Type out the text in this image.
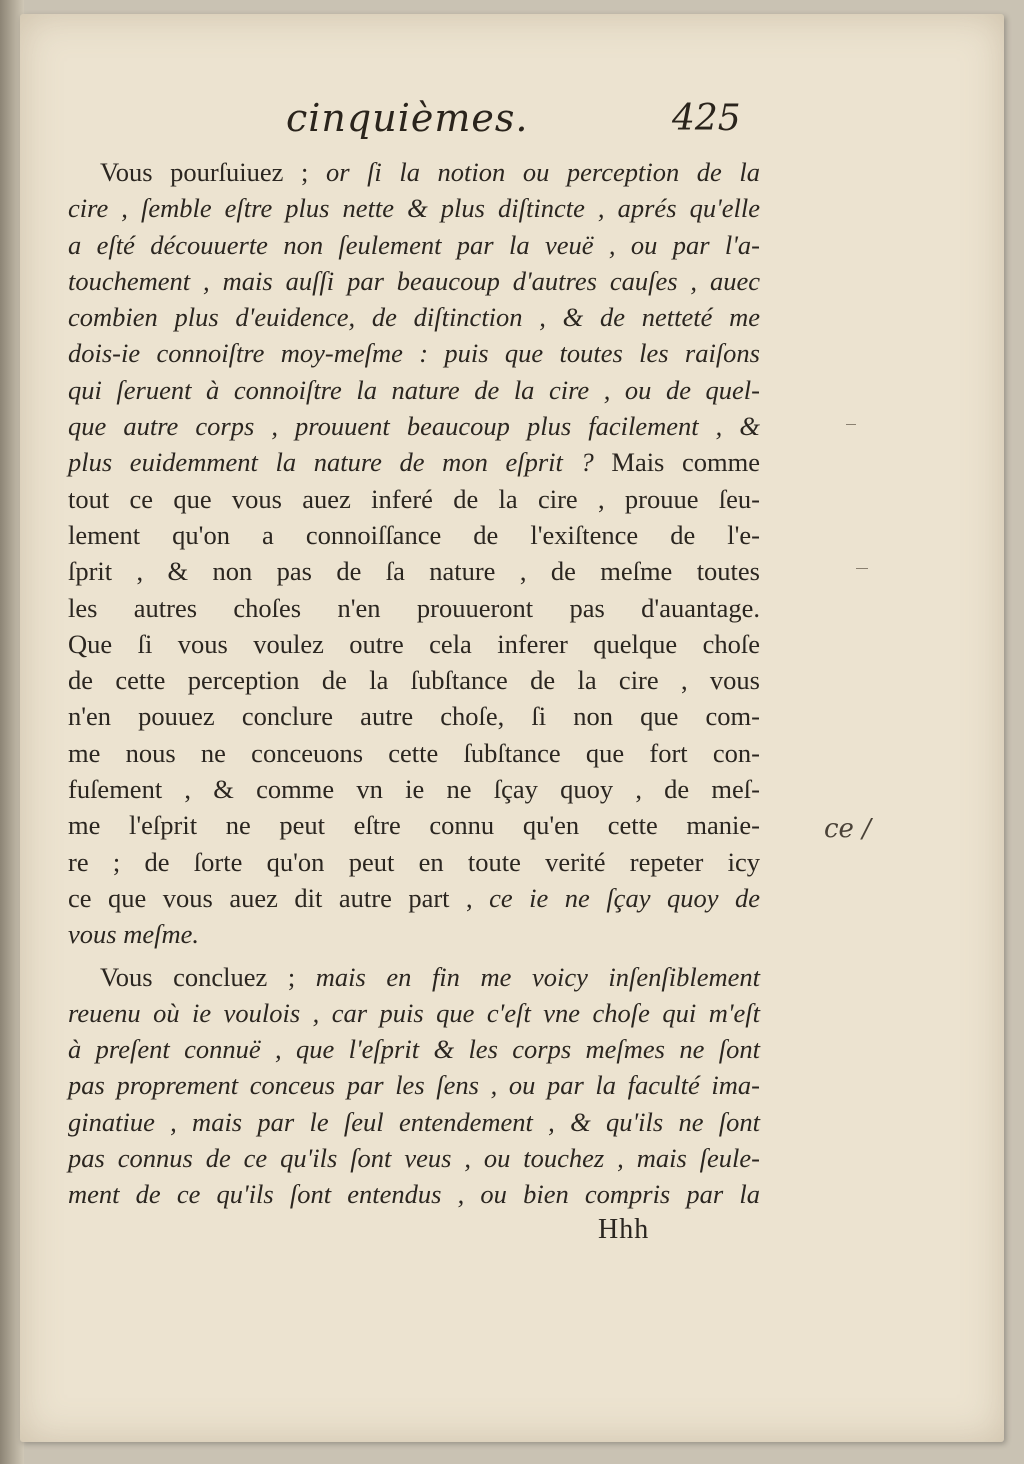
cinquièmes.	425
Vous pourſuiuez ; or ſi la notion ou perception de la
cire , ſemble eſtre plus nette & plus diſtincte , aprés qu'elle
a eſté découuerte non ſeulement par la veuë , ou par l'a-
touchement , mais auſſi par beaucoup d'autres cauſes , auec
combien plus d'euidence, de diſtinction , & de netteté me
dois-ie connoiſtre moy-meſme : puis que toutes les raiſons
qui ſeruent à connoiſtre la nature de la cire , ou de quel-
que autre corps , prouuent beaucoup plus facilement , &
plus euidemment la nature de mon eſprit ? Mais comme
tout ce que vous auez inferé de la cire , prouue ſeu-
lement qu'on a connoiſſance de l'exiſtence de l'e-
ſprit , & non pas de ſa nature , de meſme toutes
les autres choſes n'en prouueront pas d'auantage.
Que ſi vous voulez outre cela inferer quelque choſe
de cette perception de la ſubſtance de la cire , vous
n'en pouuez conclure autre choſe, ſi non que com-
me nous ne conceuons cette ſubſtance que fort con-
fuſement , & comme vn ie ne ſçay quoy , de meſ-
me l'eſprit ne peut eſtre connu qu'en cette manie-
re ; de ſorte qu'on peut en toute verité repeter icy
ce que vous auez dit autre part , ce ie ne ſçay quoy de
vous meſme.
Vous concluez ; mais en fin me voicy inſenſiblement
reuenu où ie voulois , car puis que c'eſt vne choſe qui m'eſt
à preſent connuë , que l'eſprit & les corps meſmes ne ſont
pas proprement conceus par les ſens , ou par la faculté ima-
ginatiue , mais par le ſeul entendement , & qu'ils ne ſont
pas connus de ce qu'ils ſont veus , ou touchez , mais ſeule-
ment de ce qu'ils ſont entendus , ou bien compris par la
Hhh
ce /
